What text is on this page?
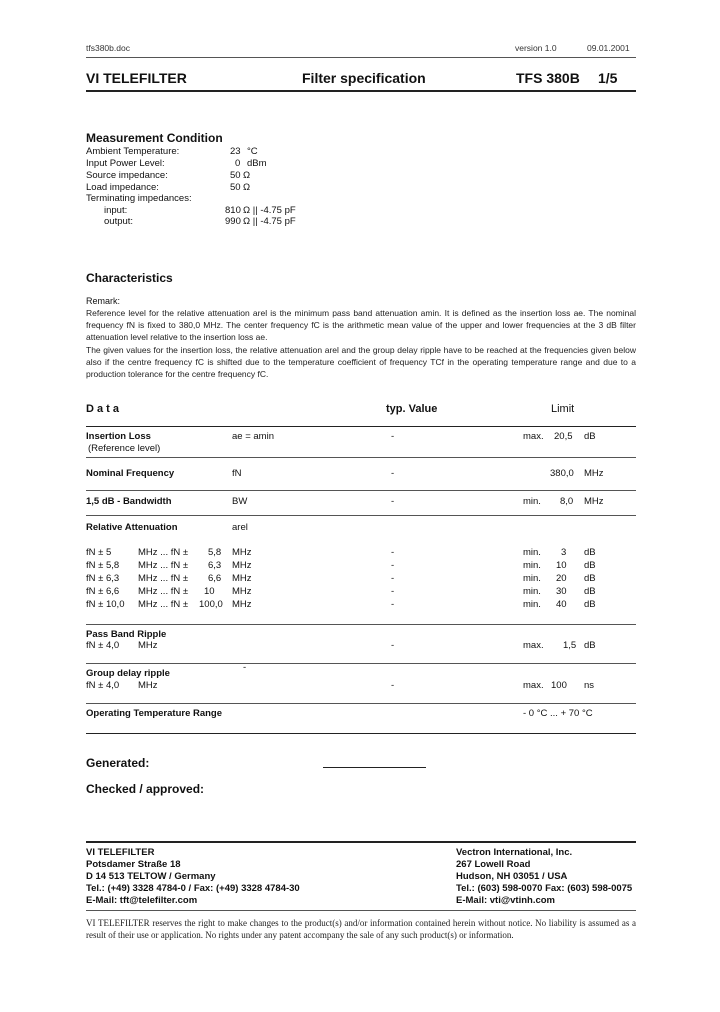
tfs380b.doc	version 1.0	09.01.2001
VI TELEFILTER	Filter specification	TFS 380B 1/5
Measurement Condition
Ambient Temperature:	23 °C
Input Power Level:	0 dBm
Source impedance:	50 Ω
Load impedance:	50 Ω
Terminating impedances:
input:	810 Ω || -4.75 pF
output:	990 Ω || -4.75 pF
Characteristics
Remark:
Reference level for the relative attenuation arel is the minimum pass band attenuation amin. It is defined as the insertion loss ae. The nominal frequency fN is fixed to 380,0 MHz. The center frequency fC is the arithmetic mean value of the upper and lower frequencies at the 3 dB filter attenuation level relative to the insertion loss ae.
The given values for the insertion loss, the relative attenuation arel and the group delay ripple have to be reached at the frequencies given below also if the centre frequency fC is shifted due to the temperature coefficient of frequency TCf in the operating temperature range and due to a production tolerance for the centre frequency fC.
D a t a	typ. Value	Limit
Insertion Loss	ae = amin	-	max. 20,5 dB
(Reference level)
Nominal Frequency	fN	-	380,0 MHz
1,5 dB - Bandwidth	BW	-	min. 8,0 MHz
Relative Attenuation	arel
fN ± 5	MHz ... fN ± 5,8 MHz	-	min. 3 dB
fN ± 5,8 MHz ... fN ± 6,3 MHz	-	min. 10 dB
fN ± 6,3 MHz ... fN ± 6,6 MHz	-	min. 20 dB
fN ± 6,6 MHz ... fN ± 10 MHz	-	min. 30 dB
fN ± 10,0 MHz ... fN ± 100,0 MHz	-	min. 40 dB
Pass Band Ripple
fN ± 4,0 MHz	-	max. 1,5 dB
Group delay ripple
-
fN ± 4,0 MHz	-	max. 100 ns
Operating Temperature Range	- 0 °C ... + 70 °C
Generated:
Checked / approved:
VI TELEFILTER
Potsdamer Straße 18
D 14 513 TELTOW / Germany
Tel.: (+49) 3328 4784-0 / Fax: (+49) 3328 4784-30
E-Mail: tft@telefilter.com
Vectron International, Inc.
267 Lowell Road
Hudson, NH 03051 / USA
Tel.: (603) 598-0070 Fax: (603) 598-0075
E-Mail: vti@vtinh.com
VI TELEFILTER reserves the right to make changes to the product(s) and/or information contained herein without notice. No liability is assumed as a result of their use or application. No rights under any patent accompany the sale of any such product(s) or information.
